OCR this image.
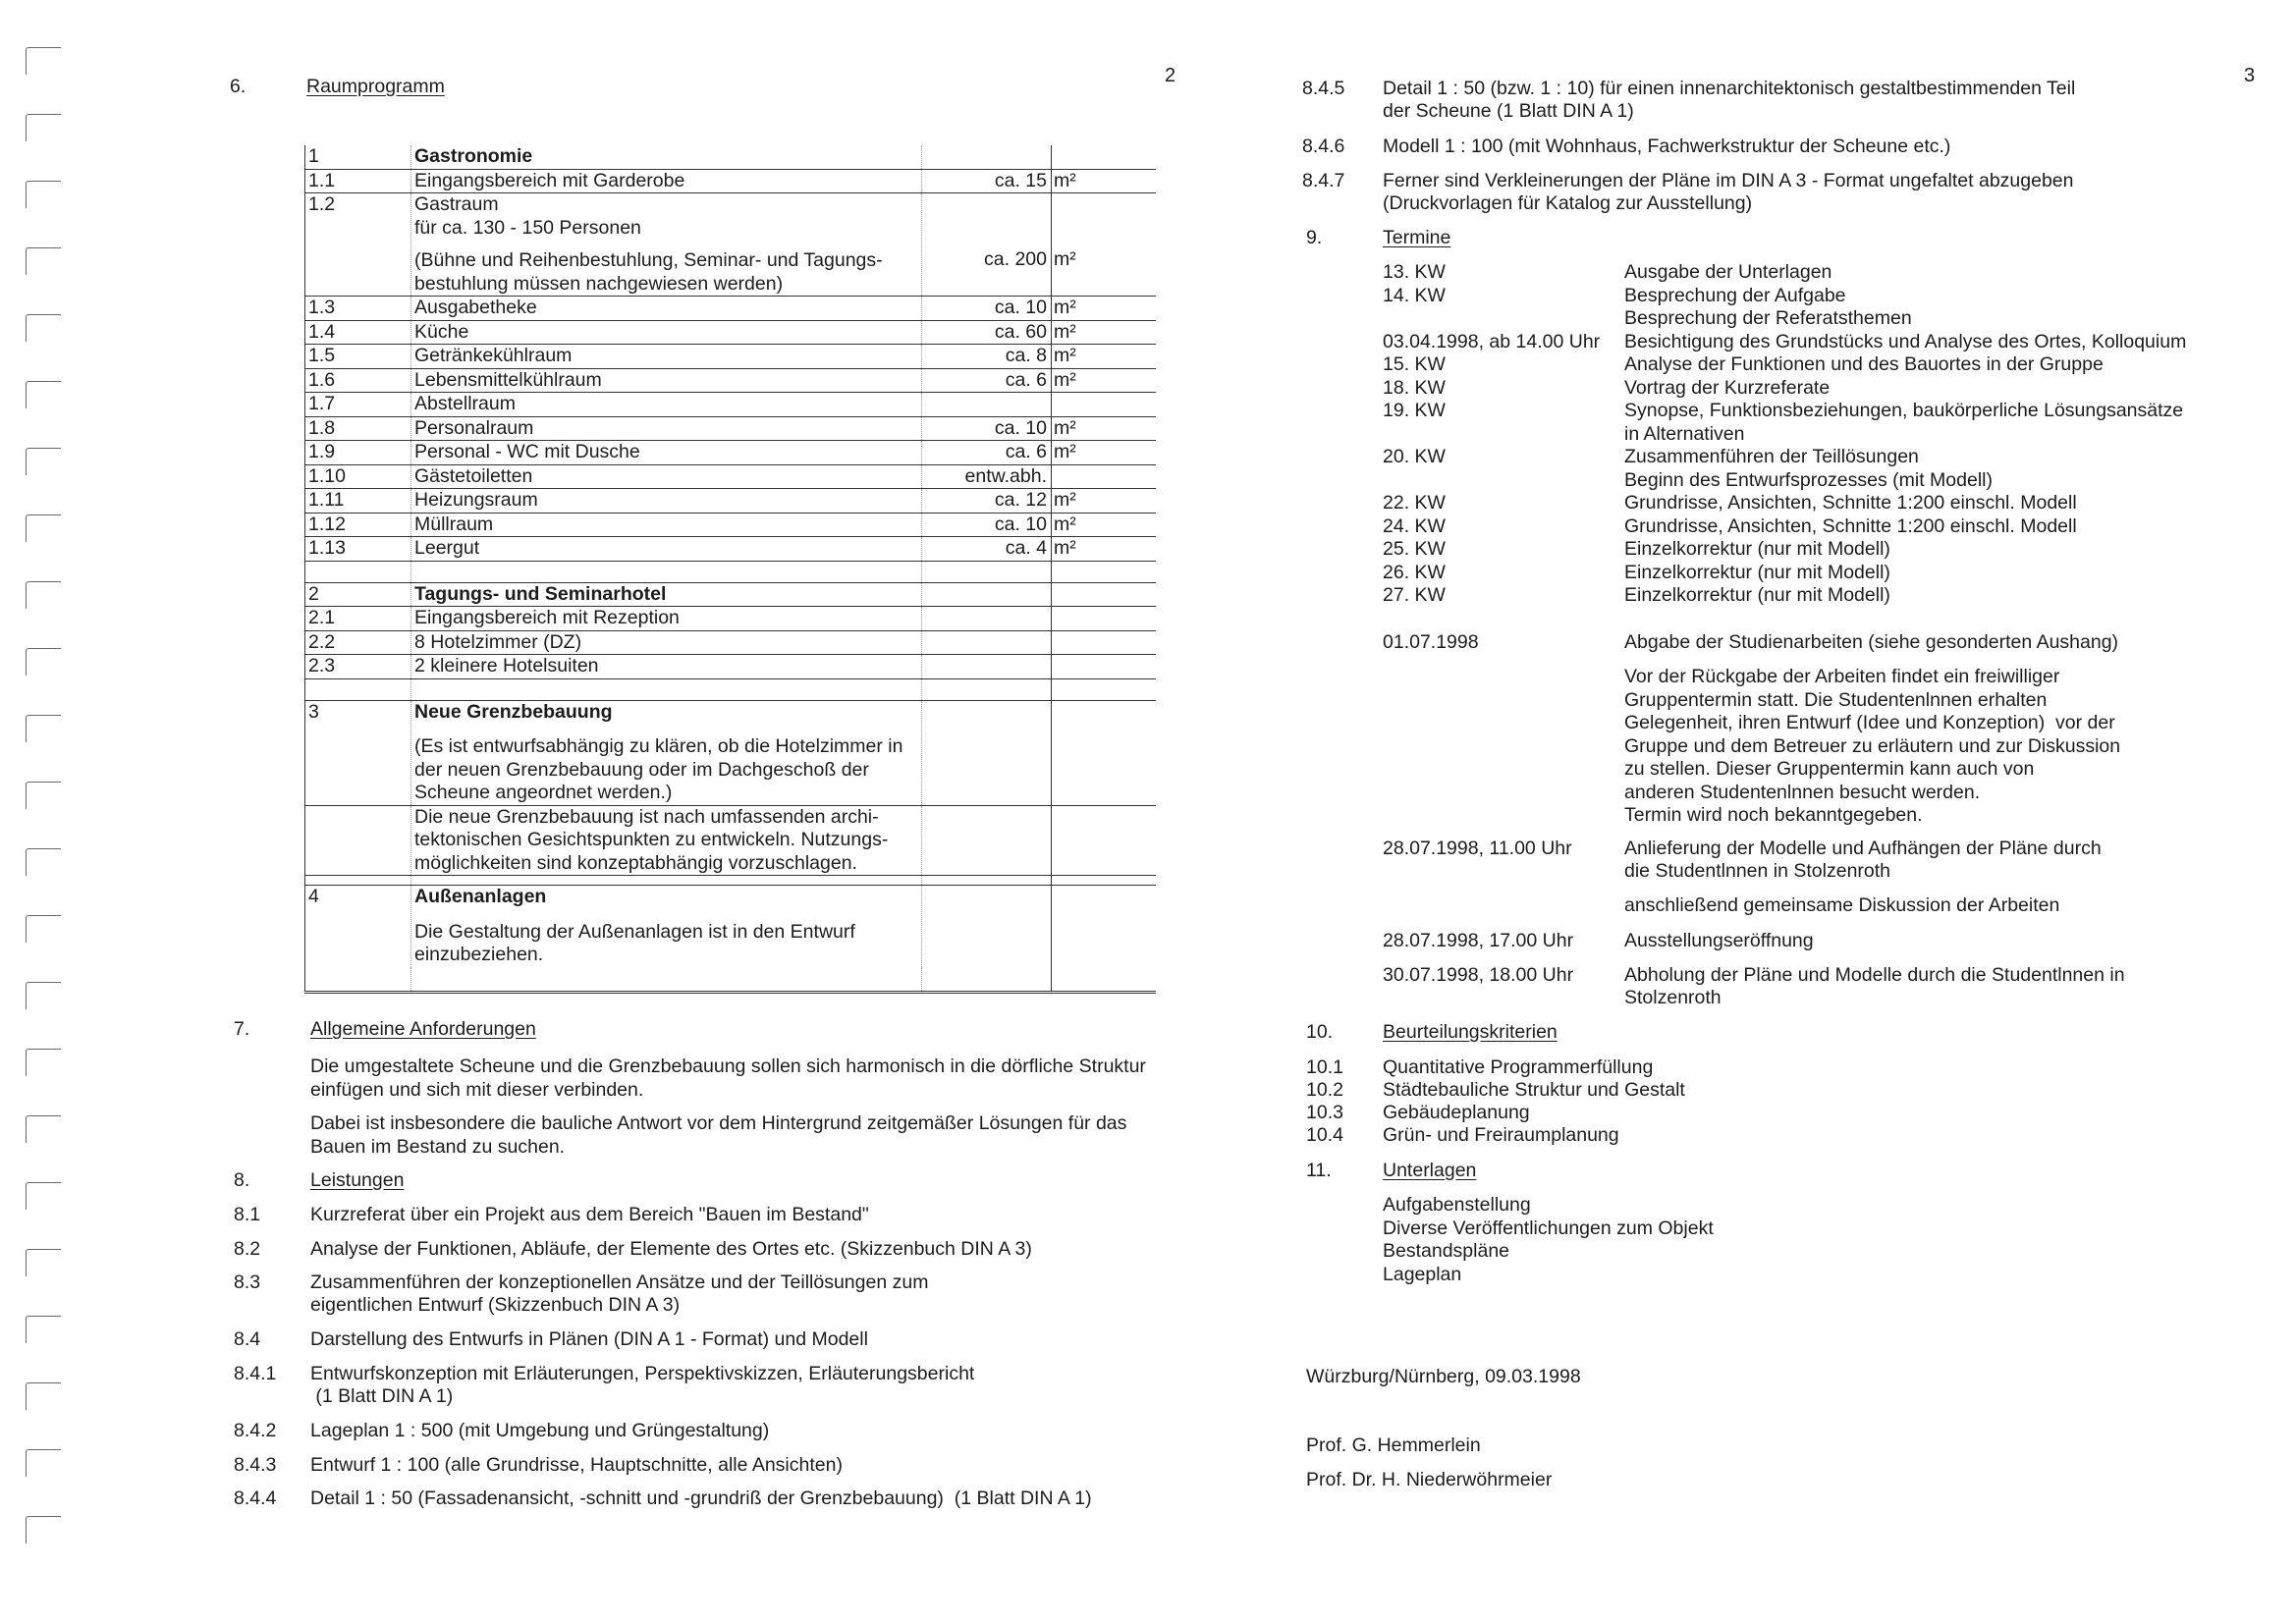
2
6.	Raumprogramm
1	Gastronomie		
1.1	Eingangsbereich mit Garderobe	ca. 15	m²
1.2	Gastraum
für ca. 130 - 150 Personen
(Bühne und Reihenbestuhlung, Seminar- und Tagungs-bestuhlung müssen nachgewiesen werden)	ca. 200	m²
1.3	Ausgabetheke	ca. 10	m²
1.4	Küche	ca. 60	m²
1.5	Getränkekühlraum	ca. 8	m²
1.6	Lebensmittelkühlraum	ca. 6	m²
1.7	Abstellraum		
1.8	Personalraum	ca. 10	m²
1.9	Personal - WC mit Dusche	ca. 6	m²
1.10	Gästetoiletten	entw.abh.	
1.11	Heizungsraum	ca. 12	m²
1.12	Müllraum	ca. 10	m²
1.13	Leergut	ca. 4	m²

2	Tagungs- und Seminarhotel		
2.1	Eingangsbereich mit Rezeption		
2.2	8 Hotelzimmer (DZ)		
2.3	2 kleinere Hotelsuiten		

3	Neue Grenzbebauung
(Es ist entwurfsabhängig zu klären, ob die Hotelzimmer in der neuen Grenzbebauung oder im Dachgeschoß der Scheune angeordnet werden.)		

	Die neue Grenzbebauung ist nach umfassenden archi-tektonischen Gesichtspunkten zu entwickeln. Nutzungs-möglichkeiten sind konzeptabhängig vorzuschlagen.		

4	Außenanlagen
Die Gestaltung der Außenanlagen ist in den Entwurf einzubeziehen.		

7.	Allgemeine Anforderungen
Die umgestaltete Scheune und die Grenzbebauung sollen sich harmonisch in die dörfliche Struktur einfügen und sich mit dieser verbinden.
Dabei ist insbesondere die bauliche Antwort vor dem Hintergrund zeitgemäßer Lösungen für das Bauen im Bestand zu suchen.
8.	Leistungen
8.1	Kurzreferat über ein Projekt aus dem Bereich "Bauen im Bestand"
8.2	Analyse der Funktionen, Abläufe, der Elemente des Ortes etc. (Skizzenbuch DIN A 3)
8.3	Zusammenführen der konzeptionellen Ansätze und der Teillösungen zum
eigentlichen Entwurf (Skizzenbuch DIN A 3)
8.4	Darstellung des Entwurfs in Plänen (DIN A 1 - Format) und Modell
8.4.1 Entwurfskonzeption mit Erläuterungen, Perspektivskizzen, Erläuterungsbericht
(1 Blatt DIN A 1)
8.4.2 Lageplan 1 : 500 (mit Umgebung und Grüngestaltung)
8.4.3 Entwurf 1 : 100 (alle Grundrisse, Hauptschnitte, alle Ansichten)
8.4.4 Detail 1 : 50 (Fassadenansicht, -schnitt und -grundriß der Grenzbebauung)  (1 Blatt DIN A 1)
3
8.4.5 Detail 1 : 50 (bzw. 1 : 10) für einen innenarchitektonisch gestaltbestimmenden Teil
der Scheune (1 Blatt DIN A 1)
8.4.6 Modell 1 : 100 (mit Wohnhaus, Fachwerkstruktur der Scheune etc.)
8.4.7 Ferner sind Verkleinerungen der Pläne im DIN A 3 - Format ungefaltet abzugeben
(Druckvorlagen für Katalog zur Ausstellung)
9.	Termine
13. KW	Ausgabe der Unterlagen
14. KW	Besprechung der Aufgabe
Besprechung der Referatsthemen
03.04.1998, ab 14.00 Uhr Besichtigung des Grundstücks und Analyse des Ortes, Kolloquium
15. KW	Analyse der Funktionen und des Bauortes in der Gruppe
18. KW	Vortrag der Kurzreferate
19. KW	Synopse, Funktionsbeziehungen, baukörperliche Lösungsansätze
in Alternativen
20. KW	Zusammenführen der Teillösungen
Beginn des Entwurfsprozesses (mit Modell)
22. KW	Grundrisse, Ansichten, Schnitte 1:200 einschl. Modell
24. KW	Grundrisse, Ansichten, Schnitte 1:200 einschl. Modell
25. KW	Einzelkorrektur (nur mit Modell)
26. KW	Einzelkorrektur (nur mit Modell)
27. KW	Einzelkorrektur (nur mit Modell)
01.07.1998	Abgabe der Studienarbeiten (siehe gesonderten Aushang)
Vor der Rückgabe der Arbeiten findet ein freiwilliger
Gruppentermin statt. Die Studentenlnnen erhalten
Gelegenheit, ihren Entwurf (Idee und Konzeption)  vor der
Gruppe und dem Betreuer zu erläutern und zur Diskussion
zu stellen. Dieser Gruppentermin kann auch von
anderen Studentenlnnen besucht werden.
Termin wird noch bekanntgegeben.
28.07.1998, 11.00 Uhr	Anlieferung der Modelle und Aufhängen der Pläne durch
die Studentlnnen in Stolzenroth
anschließend gemeinsame Diskussion der Arbeiten
28.07.1998, 17.00 Uhr	Ausstellungseröffnung
30.07.1998, 18.00 Uhr	Abholung der Pläne und Modelle durch die Studentlnnen in
Stolzenroth
10.	Beurteilungskriterien
10.1 Quantitative Programmerfüllung
10.2 Städtebauliche Struktur und Gestalt
10.3 Gebäudeplanung
10.4 Grün- und Freiraumplanung
11.	Unterlagen
Aufgabenstellung
Diverse Veröffentlichungen zum Objekt
Bestandspläne
Lageplan
Würzburg/Nürnberg, 09.03.1998
Prof. G. Hemmerlein
Prof. Dr. H. Niederwöhrmeier
